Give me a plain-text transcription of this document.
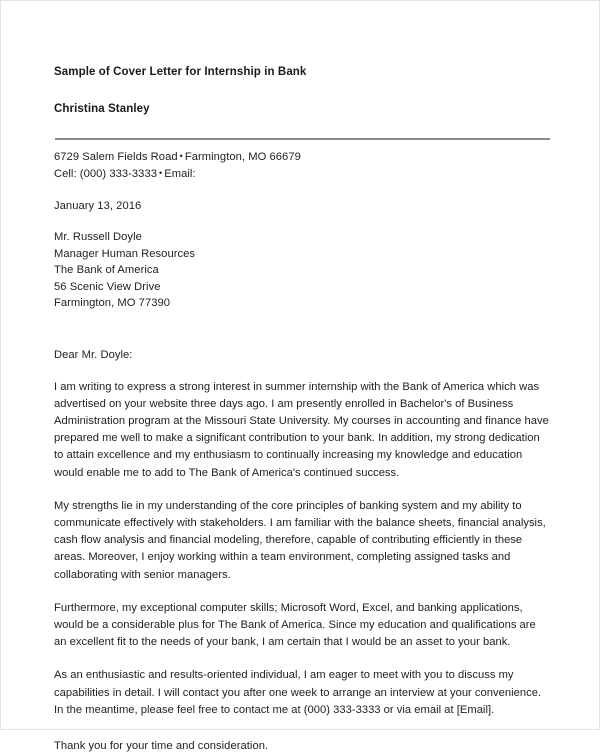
Sample of Cover Letter for Internship in Bank
Christina Stanley
6729 Salem Fields Road • Farmington, MO 66679
Cell: (000) 333-3333 • Email:
January 13, 2016
Mr. Russell Doyle
Manager Human Resources
The Bank of America
56 Scenic View Drive
Farmington, MO 77390
Dear Mr. Doyle:

I am writing to express a strong interest in summer internship with the Bank of America which was advertised on your website three days ago. I am presently enrolled in Bachelor's of Business Administration program at the Missouri State University. My courses in accounting and finance have prepared me well to make a significant contribution to your bank. In addition, my strong dedication to attain excellence and my enthusiasm to continually increasing my knowledge and education would enable me to add to The Bank of America's continued success.

My strengths lie in my understanding of the core principles of banking system and my ability to communicate effectively with stakeholders. I am familiar with the balance sheets, financial analysis, cash flow analysis and financial modeling, therefore, capable of contributing efficiently in these areas. Moreover, I enjoy working within a team environment, completing assigned tasks and collaborating with senior managers.

Furthermore, my exceptional computer skills; Microsoft Word, Excel, and banking applications, would be a considerable plus for The Bank of America. Since my education and qualifications are an excellent fit to the needs of your bank, I am certain that I would be an asset to your bank.

As an enthusiastic and results-oriented individual, I am eager to meet with you to discuss my capabilities in detail. I will contact you after one week to arrange an interview at your convenience. In the meantime, please feel free to contact me at (000) 333-3333 or via email at [Email].

Thank you for your time and consideration.
